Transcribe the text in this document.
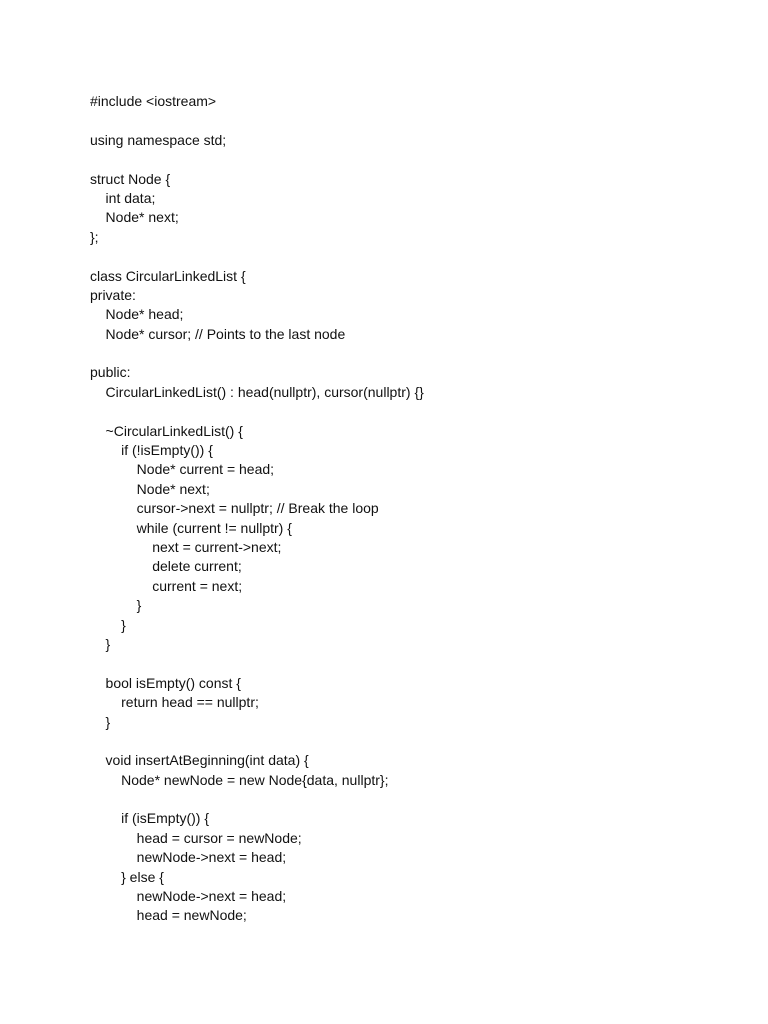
#include <iostream>
using namespace std;
struct Node {
int data;
Node* next;
};
class CircularLinkedList {
private:
Node* head;
Node* cursor; // Points to the last node
public:
CircularLinkedList() : head(nullptr), cursor(nullptr) {}
~CircularLinkedList() {
if (!isEmpty()) {
Node* current = head;
Node* next;
cursor->next = nullptr; // Break the loop
while (current != nullptr) {
next = current->next;
delete current;
current = next;
}
}
}
bool isEmpty() const {
return head == nullptr;
}
void insertAtBeginning(int data) {
Node* newNode = new Node{data, nullptr};
if (isEmpty()) {
head = cursor = newNode;
newNode->next = head;
} else {
newNode->next = head;
head = newNode;
